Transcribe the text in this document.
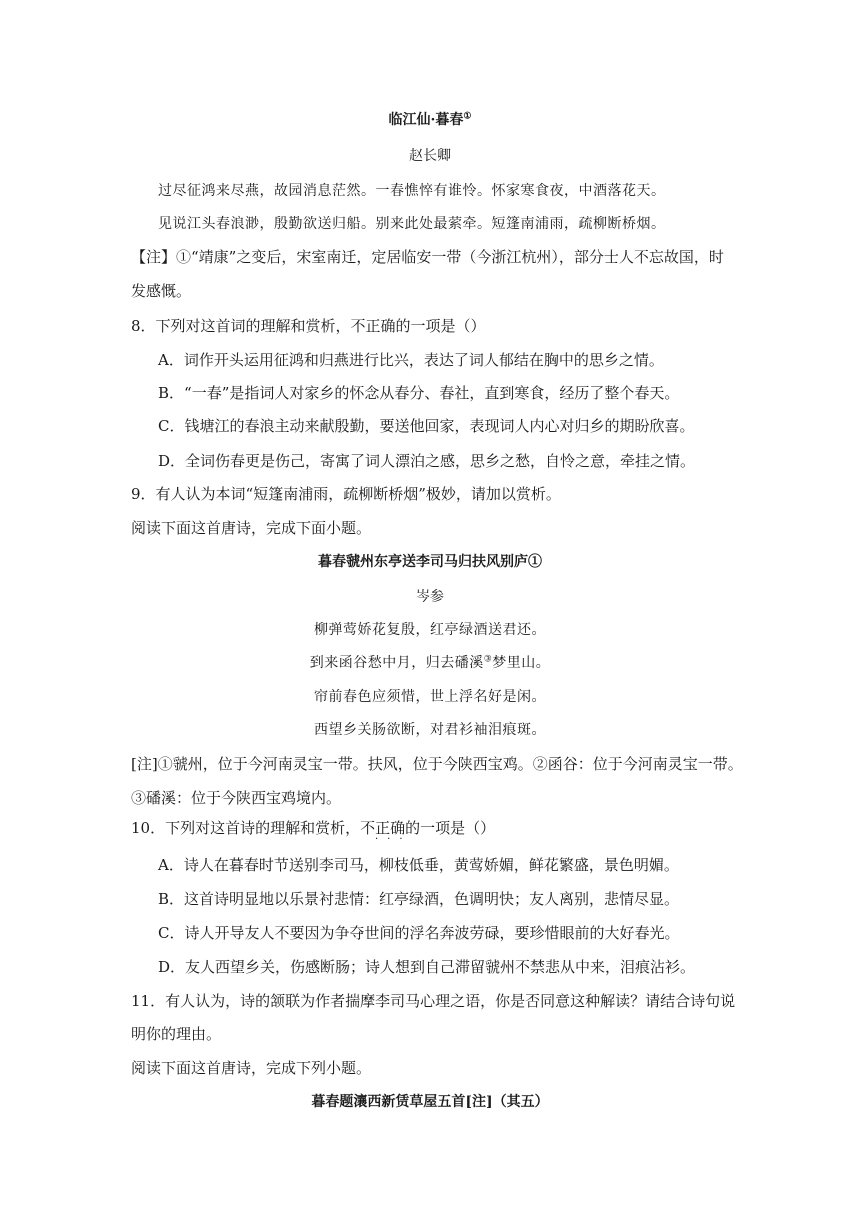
临江仙·暮春①
赵长卿
过尽征鸿来尽燕，故园消息茫然。一春憔悴有谁怜。怀家寒食夜，中酒落花天。
见说江头春浪渺，殷勤欲送归船。别来此处最萦牵。短篷南浦雨，疏柳断桥烟。
【注】①“靖康”之变后，宋室南迁，定居临安一带（今浙江杭州），部分士人不忘故国，时
发感慨。
8．下列对这首词的理解和赏析，不正确的一项是（）
A．词作开头运用征鸿和归燕进行比兴，表达了词人郁结在胸中的思乡之情。
B．“一春”是指词人对家乡的怀念从春分、春社，直到寒食，经历了整个春天。
C．钱塘江的春浪主动来献殷勤，要送他回家，表现词人内心对归乡的期盼欣喜。
D．全词伤春更是伤己，寄寓了词人漂泊之感，思乡之愁，自怜之意，牵挂之情。
9．有人认为本词“短篷南浦雨，疏柳断桥烟”极妙，请加以赏析。
阅读下面这首唐诗，完成下面小题。
暮春虢州东亭送李司马归扶风别庐①
岑参
柳弹莺娇花复殷，红亭绿酒送君还。
到来函谷愁中月，归去磻溪③梦里山。
帘前春色应须惜，世上浮名好是闲。
西望乡关肠欲断，对君衫袖泪痕斑。
[注]①虢州，位于今河南灵宝一带。扶风，位于今陕西宝鸡。②函谷：位于今河南灵宝一带。
③磻溪：位于今陕西宝鸡境内。
10．下列对这首诗的理解和赏析，不正确的一项是（）
···
A．诗人在暮春时节送别李司马，柳枝低垂，黄莺娇媚，鲜花繁盛，景色明媚。
B．这首诗明显地以乐景衬悲情：红亭绿酒，色调明快；友人离别，悲情尽显。
C．诗人开导友人不要因为争夺世间的浮名奔波劳碌，要珍惜眼前的大好春光。
D．友人西望乡关，伤感断肠；诗人想到自己滞留虢州不禁悲从中来，泪痕沾衫。
11．有人认为，诗的颔联为作者揣摩李司马心理之语，你是否同意这种解读？请结合诗句说
明你的理由。
阅读下面这首唐诗，完成下列小题。
暮春题瀼西新赁草屋五首[注]（其五）
